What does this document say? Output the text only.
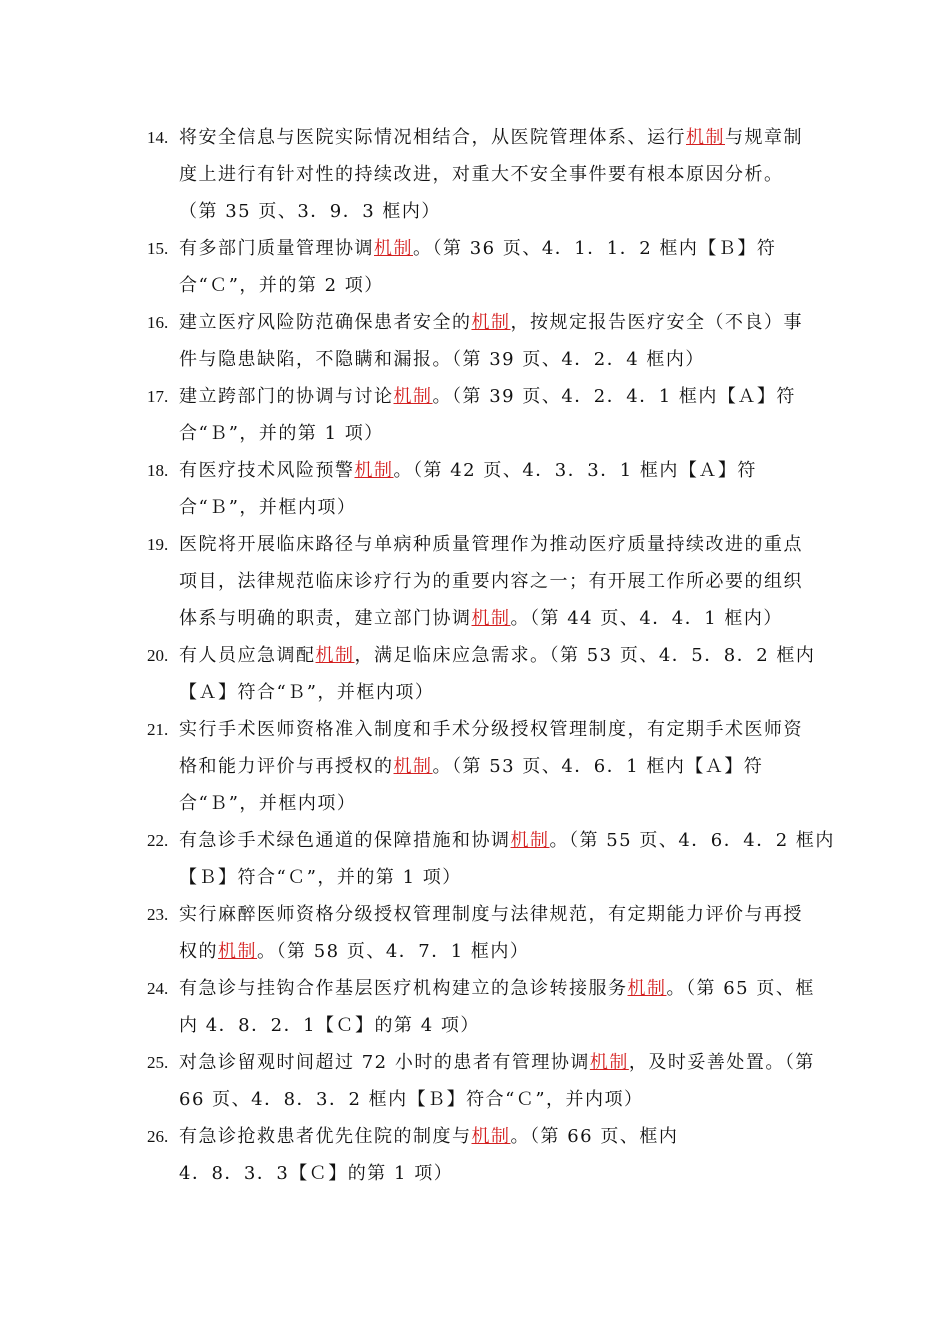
14. 将安全信息与医院实际情况相结合，从医院管理体系、运行机制与规章制
度上进行有针对性的持续改进，对重大不安全事件要有根本原因分析。
（第 35 页、3．9．3 框内）
15. 有多部门质量管理协调机制。（第 36 页、4．1．1．2 框内【Ｂ】符
合“Ｃ”，并的第 2 项）
16. 建立医疗风险防范确保患者安全的机制，按规定报告医疗安全（不良）事
件与隐患缺陷，不隐瞒和漏报。（第 39 页、4．2．4 框内）
17. 建立跨部门的协调与讨论机制。（第 39 页、4．2．4．1 框内【Ａ】符
合“Ｂ”，并的第 1 项）
18. 有医疗技术风险预警机制。（第 42 页、4．3．3．1 框内【Ａ】符
合“Ｂ”，并框内项）
19. 医院将开展临床路径与单病种质量管理作为推动医疗质量持续改进的重点
项目，法律规范临床诊疗行为的重要内容之一；有开展工作所必要的组织
体系与明确的职责，建立部门协调机制。（第 44 页、4．4．1 框内）
20. 有人员应急调配机制，满足临床应急需求。（第 53 页、4．5．8．2 框内
【Ａ】符合“Ｂ”，并框内项）
21. 实行手术医师资格准入制度和手术分级授权管理制度，有定期手术医师资
格和能力评价与再授权的机制。（第 53 页、4．6．1 框内【Ａ】符
合“Ｂ”，并框内项）
22. 有急诊手术绿色通道的保障措施和协调机制。（第 55 页、4．6．4．2 框内
【Ｂ】符合“Ｃ”，并的第 1 项）
23. 实行麻醉医师资格分级授权管理制度与法律规范，有定期能力评价与再授
权的机制。（第 58 页、4．7．1 框内）
24. 有急诊与挂钩合作基层医疗机构建立的急诊转接服务机制。（第 65 页、框
内 4．8．2．1【Ｃ】的第 4 项）
25. 对急诊留观时间超过 72 小时的患者有管理协调机制，及时妥善处置。（第
66 页、4．8．3．2 框内【Ｂ】符合“Ｃ”，并内项）
26. 有急诊抢救患者优先住院的制度与机制。（第 66 页、框内
4．8．3．3【Ｃ】的第 1 项）
